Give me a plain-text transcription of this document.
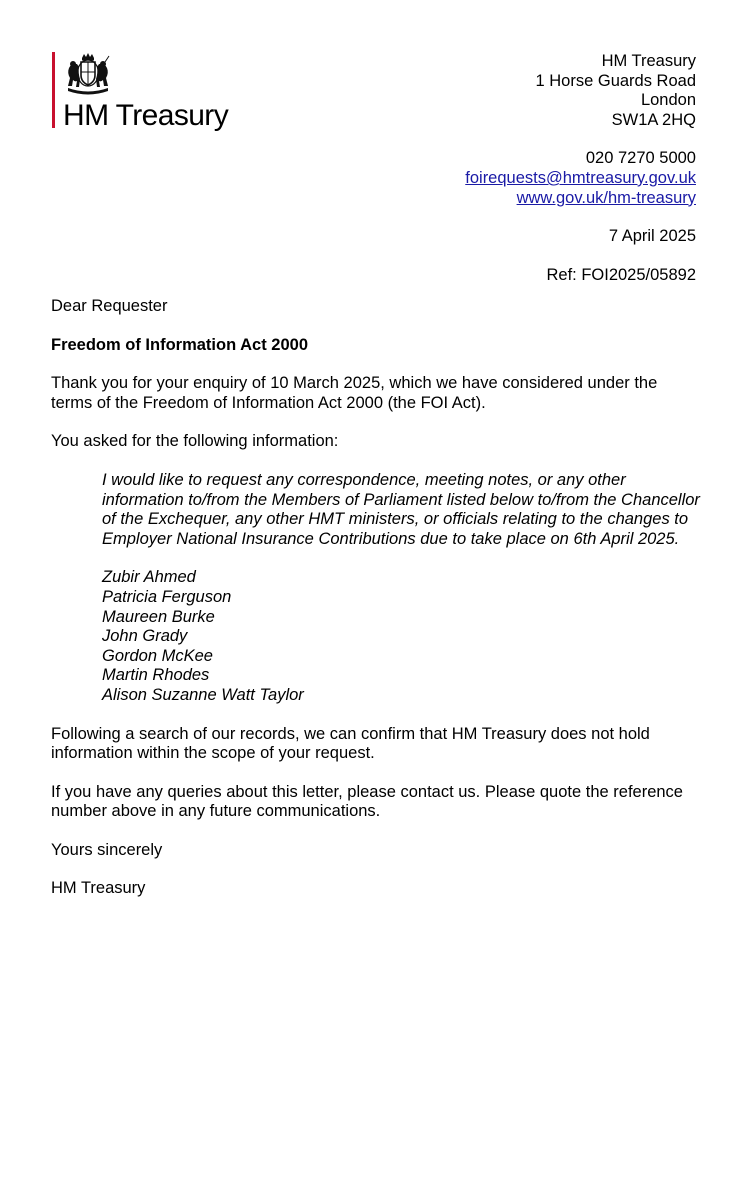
HM Treasury
HM Treasury
1 Horse Guards Road
London
SW1A 2HQ
020 7270 5000
foirequests@hmtreasury.gov.uk
www.gov.uk/hm-treasury
7 April 2025
Ref: FOI2025/05892

Dear Requester

Freedom of Information Act 2000

Thank you for your enquiry of 10 March 2025, which we have considered under the terms of the Freedom of Information Act 2000 (the FOI Act).

You asked for the following information:

I would like to request any correspondence, meeting notes, or any other information to/from the Members of Parliament listed below to/from the Chancellor of the Exchequer, any other HMT ministers, or officials relating to the changes to Employer National Insurance Contributions due to take place on 6th April 2025.
Zubir Ahmed
Patricia Ferguson
Maureen Burke
John Grady
Gordon McKee
Martin Rhodes
Alison Suzanne Watt Taylor

Following a search of our records, we can confirm that HM Treasury does not hold information within the scope of your request.

If you have any queries about this letter, please contact us. Please quote the reference number above in any future communications.

Yours sincerely

HM Treasury
